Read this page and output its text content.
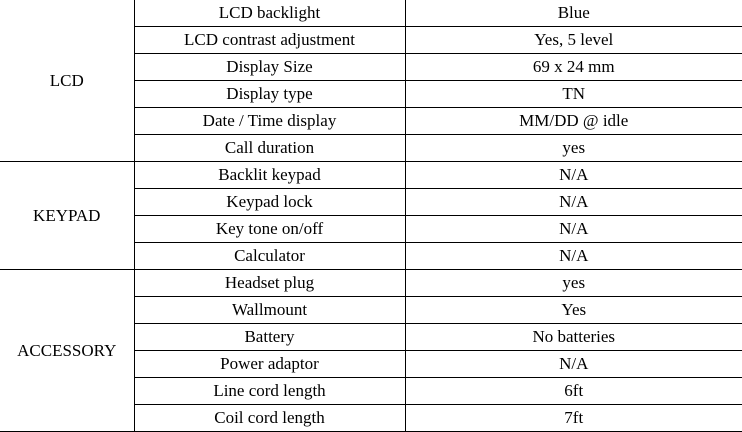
LCD	LCD backlight	Blue
	LCD contrast adjustment	Yes, 5 level
	Display Size	69 x 24 mm
	Display type	TN
	Date / Time display	MM/DD @ idle
	Call duration	yes
KEYPAD	Backlit keypad	N/A
	Keypad lock	N/A
	Key tone on/off	N/A
	Calculator	N/A
ACCESSORY	Headset plug	yes
	Wallmount	Yes
	Battery	No batteries
	Power adaptor	N/A
	Line cord length	6ft
	Coil cord length	7ft
